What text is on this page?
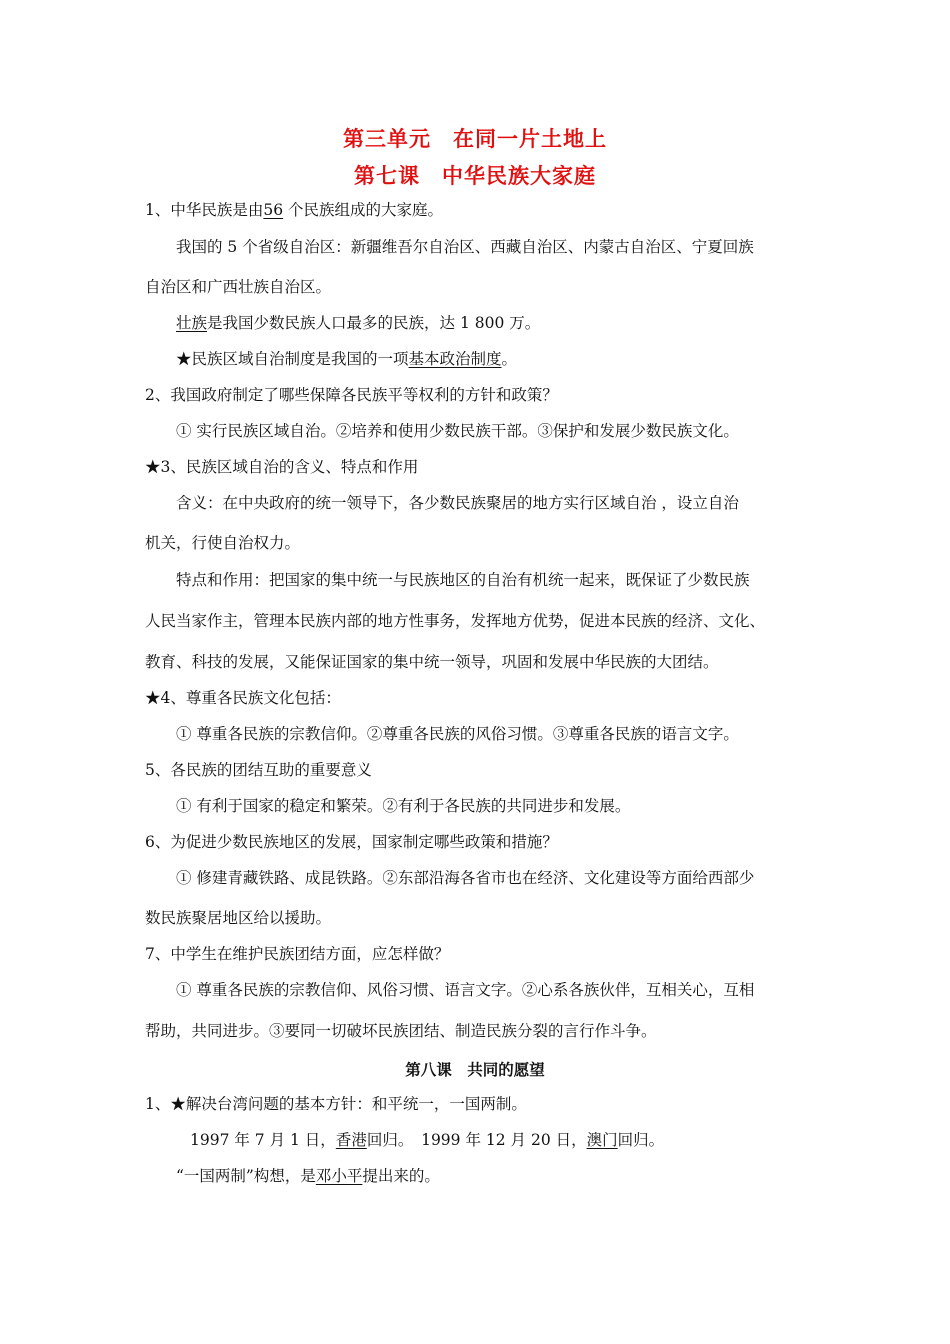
第三单元　在同一片土地上
第七课　中华民族大家庭
1、中华民族是由56 个民族组成的大家庭。
我国的 5 个省级自治区：新疆维吾尔自治区、西藏自治区、内蒙古自治区、宁夏回族
自治区和广西壮族自治区。
壮族是我国少数民族人口最多的民族，达 1 800 万。
★民族区域自治制度是我国的一项基本政治制度。
2、我国政府制定了哪些保障各民族平等权利的方针和政策？
① 实行民族区域自治。②培养和使用少数民族干部。③保护和发展少数民族文化。
★3、民族区域自治的含义、特点和作用
含义：在中央政府的统一领导下，各少数民族聚居的地方实行区域自治 ，设立自治
机关，行使自治权力。
特点和作用：把国家的集中统一与民族地区的自治有机统一起来，既保证了少数民族
人民当家作主，管理本民族内部的地方性事务，发挥地方优势，促进本民族的经济、文化、
教育、科技的发展，又能保证国家的集中统一领导，巩固和发展中华民族的大团结。
★4、尊重各民族文化包括：
① 尊重各民族的宗教信仰。②尊重各民族的风俗习惯。③尊重各民族的语言文字。
5、各民族的团结互助的重要意义
① 有利于国家的稳定和繁荣。②有利于各民族的共同进步和发展。
6、为促进少数民族地区的发展，国家制定哪些政策和措施？
① 修建青藏铁路、成昆铁路。②东部沿海各省市也在经济、文化建设等方面给西部少
数民族聚居地区给以援助。
7、中学生在维护民族团结方面，应怎样做？
① 尊重各民族的宗教信仰、风俗习惯、语言文字。②心系各族伙伴，互相关心，互相
帮助，共同进步。③要同一切破坏民族团结、制造民族分裂的言行作斗争。
第八课　共同的愿望
1、★解决台湾问题的基本方针：和平统一，一国两制。
1997 年 7 月 1 日，香港回归。　1999 年 12 月 20 日，澳门回归。
“一国两制”构想，是邓小平提出来的。
